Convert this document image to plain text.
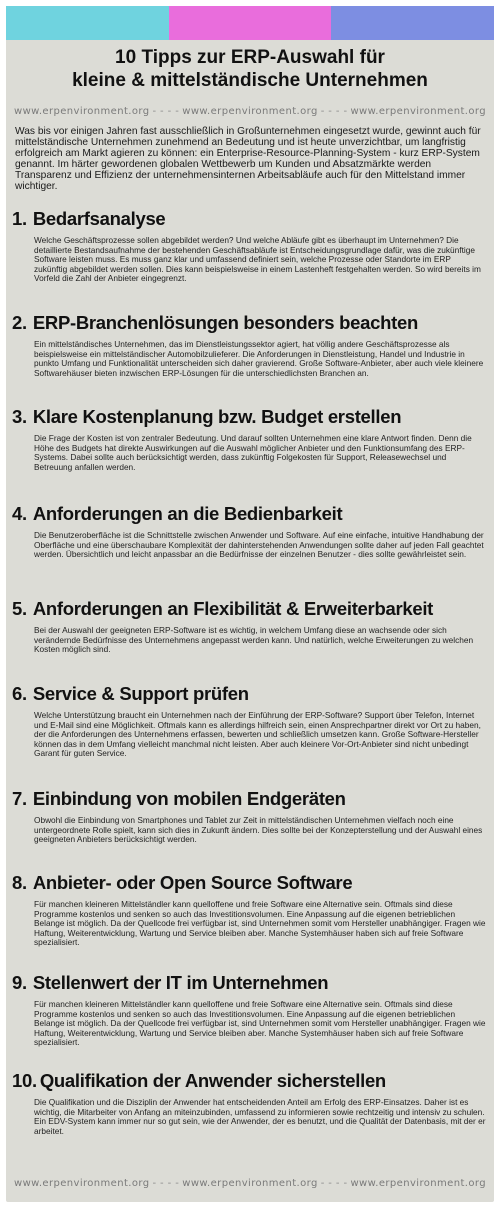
10 Tipps zur ERP-Auswahl für
kleine & mittelständische Unternehmen
www.erpenvironment.org - - - - www.erpenvironment.org - - - - www.erpenvironment.org
Was bis vor einigen Jahren fast ausschließlich in Großunternehmen eingesetzt wurde, gewinnt auch für mittelständische Unternehmen zunehmend an Bedeutung und ist heute unverzichtbar, um langfristig erfolgreich am Markt agieren zu können: ein Enterprise-Resource-Planning-System - kurz ERP-System genannt. Im härter gewordenen globalen Wettbewerb um Kunden und Absatzmärkte werden Transparenz und Effizienz der unternehmensinternen Arbeitsabläufe auch für den Mittelstand immer wichtiger.
1. Bedarfsanalyse

Welche Geschäftsprozesse sollen abgebildet werden? Und welche Abläufe gibt es überhaupt im Unternehmen? Die detaillierte Bestandsaufnahme der bestehenden Geschäftsabläufe ist Entscheidungsgrundlage dafür, was die zukünftige Software leisten muss. Es muss ganz klar und umfassend definiert sein, welche Prozesse oder Standorte im ERP zukünftig abgebildet werden sollen. Dies kann beispielsweise in einem Lastenheft festgehalten werden. So wird bereits im Vorfeld die Zahl der Anbieter eingegrenzt.

2. ERP-Branchenlösungen besonders beachten

Ein mittelständisches Unternehmen, das im Dienstleistungssektor agiert, hat völlig andere Geschäftsprozesse als beispielsweise ein mittelständischer Automobilzulieferer. Die Anforderungen in Dienstleistung, Handel und Industrie in punkto Umfang und Funktionalität unterscheiden sich daher gravierend. Große Software-Anbieter, aber auch viele kleinere Softwarehäuser bieten inzwischen ERP-Lösungen für die unterschiedlichsten Branchen an.

3. Klare Kostenplanung bzw. Budget erstellen

Die Frage der Kosten ist von zentraler Bedeutung. Und darauf sollten Unternehmen eine klare Antwort finden. Denn die Höhe des Budgets hat direkte Auswirkungen auf die Auswahl möglicher Anbieter und den Funktionsumfang des ERP-Systems. Dabei sollte auch berücksichtigt werden, dass zukünftig Folgekosten für Support, Releasewechsel und Betreuung anfallen werden.

4. Anforderungen an die Bedienbarkeit

Die Benutzeroberfläche ist die Schnittstelle zwischen Anwender und Software. Auf eine einfache, intuitive Handhabung der Oberfläche und eine überschaubare Komplexität der dahinterstehenden Anwendungen sollte daher auf jeden Fall geachtet werden. Übersichtlich und leicht anpassbar an die Bedürfnisse der einzelnen Benutzer - dies sollte gewährleistet sein.

5. Anforderungen an Flexibilität & Erweiterbarkeit

Bei der Auswahl der geeigneten ERP-Software ist es wichtig, in welchem Umfang diese an wachsende oder sich verändernde Bedürfnisse des Unternehmens angepasst werden kann. Und natürlich, welche Erweiterungen zu welchen Kosten möglich sind.

6. Service & Support prüfen

Welche Unterstützung braucht ein Unternehmen nach der Einführung der ERP-Software? Support über Telefon, Internet und E-Mail sind eine Möglichkeit. Oftmals kann es allerdings hilfreich sein, einen Ansprechpartner direkt vor Ort zu haben, der die Anforderungen des Unternehmens erfassen, bewerten und schließlich umsetzen kann. Große Software-Hersteller können das in dem Umfang vielleicht manchmal nicht leisten. Aber auch kleinere Vor-Ort-Anbieter sind nicht unbedingt Garant für guten Service.

7. Einbindung von mobilen Endgeräten

Obwohl die Einbindung von Smartphones und Tablet zur Zeit in mittelständischen Unternehmen vielfach noch eine untergeordnete Rolle spielt, kann sich dies in Zukunft ändern. Dies sollte bei der Konzepterstellung und der Auswahl eines geeigneten Anbieters berücksichtigt werden.

8. Anbieter- oder Open Source Software

Für manchen kleineren Mittelständler kann quelloffene und freie Software eine Alternative sein. Oftmals sind diese Programme kostenlos und senken so auch das Investitionsvolumen. Eine Anpassung auf die eigenen betrieblichen Belange ist möglich. Da der Quellcode frei verfügbar ist, sind Unternehmen somit vom Hersteller unabhängiger. Fragen wie Haftung, Weiterentwicklung, Wartung und Service bleiben aber. Manche Systemhäuser haben sich auf freie Software spezialisiert.

9. Stellenwert der IT im Unternehmen

Für manchen kleineren Mittelständler kann quelloffene und freie Software eine Alternative sein. Oftmals sind diese Programme kostenlos und senken so auch das Investitionsvolumen. Eine Anpassung auf die eigenen betrieblichen Belange ist möglich. Da der Quellcode frei verfügbar ist, sind Unternehmen somit vom Hersteller unabhängiger. Fragen wie Haftung, Weiterentwicklung, Wartung und Service bleiben aber. Manche Systemhäuser haben sich auf freie Software spezialisiert.

10. Qualifikation der Anwender sicherstellen

Die Qualifikation und die Disziplin der Anwender hat entscheidenden Anteil am Erfolg des ERP-Einsatzes. Daher ist es wichtig, die Mitarbeiter von Anfang an miteinzubinden, umfassend zu informieren sowie rechtzeitig und intensiv zu schulen. Ein EDV-System kann immer nur so gut sein, wie der Anwender, der es benutzt, und die Qualität der Datenbasis, mit der er arbeitet.

www.erpenvironment.org - - - - www.erpenvironment.org - - - - www.erpenvironment.org
